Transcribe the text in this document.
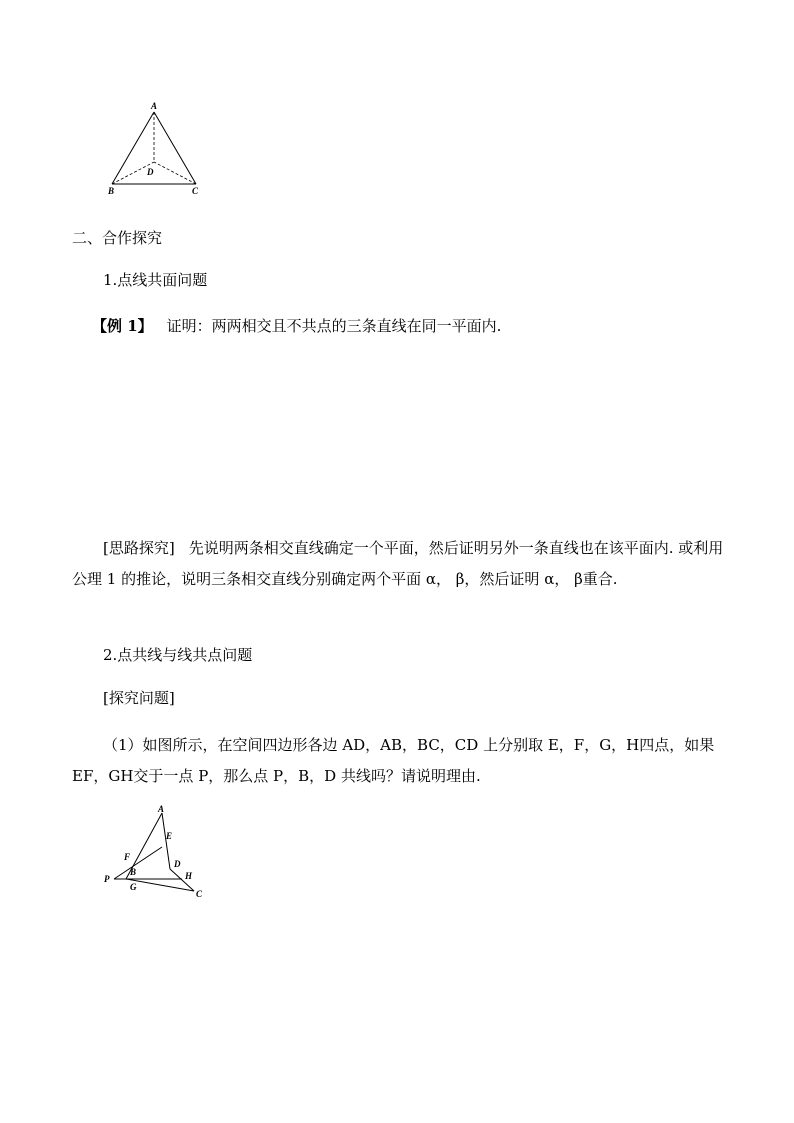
A
D
B	C
二、合作探究
1.点线共面问题
【例 1】 证明：两两相交且不共点的三条直线在同一平面内.

[思路探究] 先说明两条相交直线确定一个平面，然后证明另外一条直线也在该平面内. 或利用公理 1 的推论，说明三条相交直线分别确定两个平面 α， β，然后证明 α， β重合.

2.点共线与线共点问题
[探究问题]

（1）如图所示，在空间四边形各边 AD，AB，BC，CD 上分别取 E，F，G，H四点，如果 EF，GH交于一点 P，那么点 P，B，D 共线吗？请说明理由.

A
E
F
D
P
B	H
G
C
